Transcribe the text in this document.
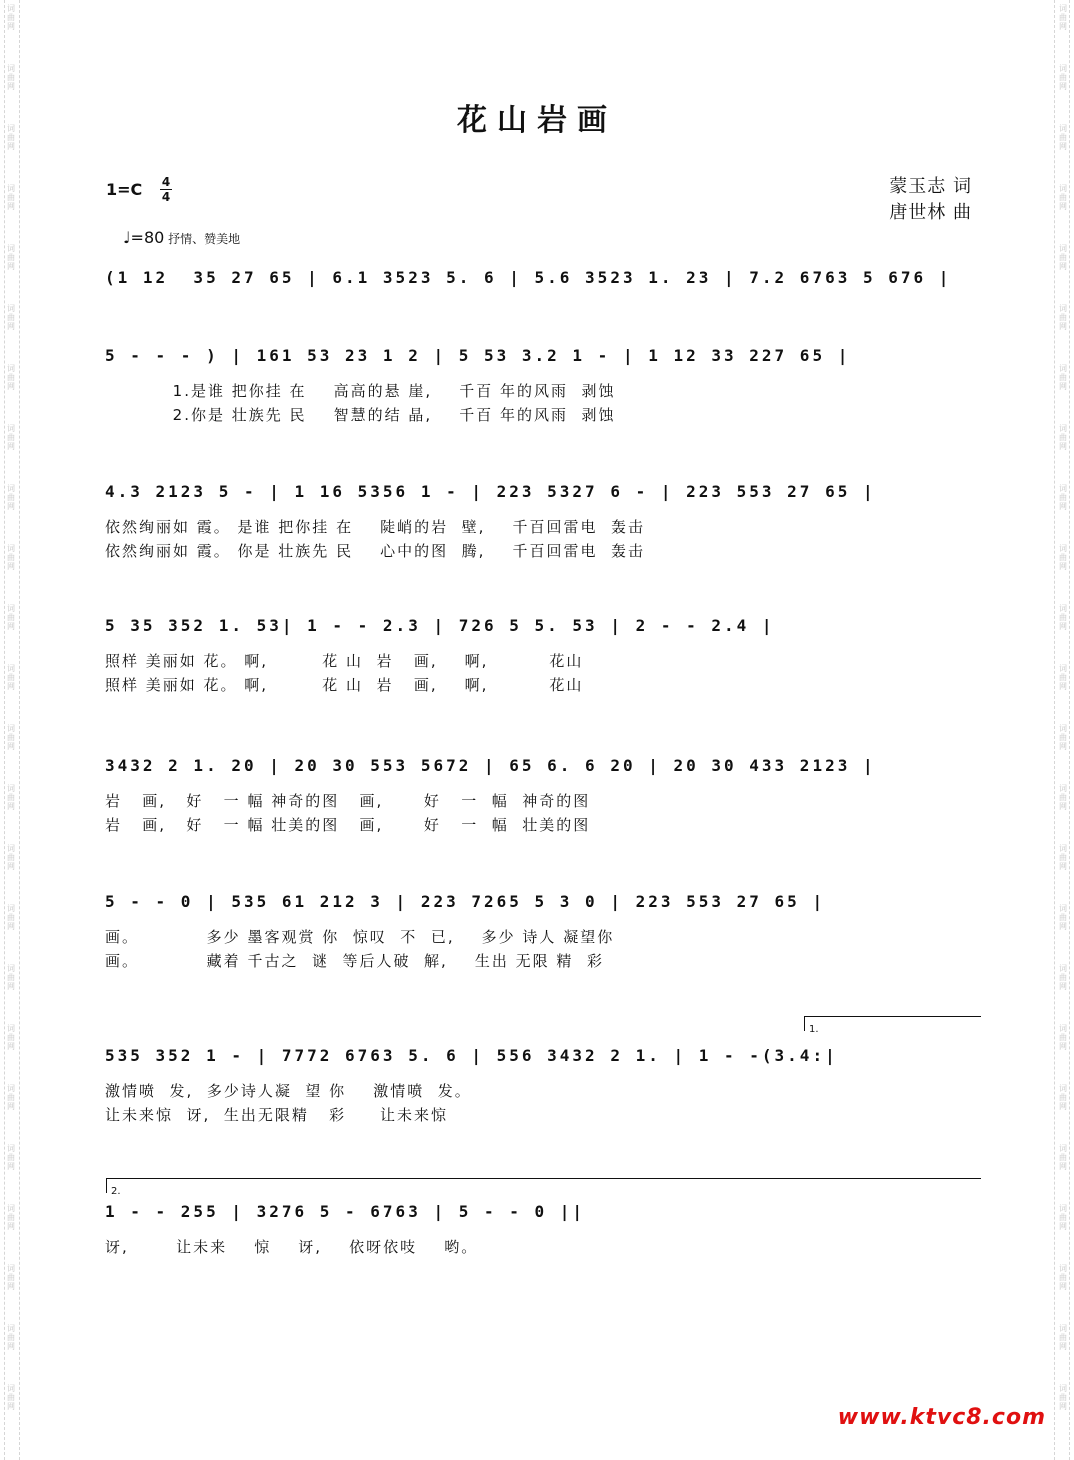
词
曲
网
词
曲
网
词
曲
网
词
曲
网
词
曲
网
词
曲
网
词
曲
网
词
曲
网
词
曲
网
词
曲
网
词
曲
网
词
曲
网
词
曲
网
词
曲
网
词
曲
网
词
曲
网
词
曲
网
词
曲
网
词
曲
网
词
曲
网
词
曲
网
词
曲
网
词
曲
网
词
曲
网
词
曲
网
词
曲
网
词
曲
网
词
曲
网
词
曲
网
词
曲
网
词
曲
网
词
曲
网
词
曲
网
词
曲
网
词
曲
网
词
曲
网
词
曲
网
词
曲
网
词
曲
网
词
曲
网
词
曲
网
词
曲
网
词
曲
网
词
曲
网
词
曲
网
词
曲
网
词
曲
网
词
曲
网
花山岩画
蒙玉志 词
唐世林 曲
1=C 4
4
♩=80 抒情、赞美地
(1 12  35 27 65 | 6.1 3523 5. 6 | 5.6 3523 1. 23 | 7.2 6763 5 676 |
5 - - - ) | 161 53 23 1 2 | 5 53 3.2 1 - | 1 12 33 227 65 |
1.是谁 把你挂 在    高高的悬 崖,    千百 年的风雨  剥蚀
2.你是 壮族先 民    智慧的结 晶,    千百 年的风雨  剥蚀
4.3 2123 5 - | 1 16 5356 1 - | 223 5327 6 - | 223 553 27 65 |
依然绚丽如 霞。 是谁 把你挂 在    陡峭的岩  壁,    千百回雷电  轰击
依然绚丽如 霞。 你是 壮族先 民    心中的图  腾,    千百回雷电  轰击
5 35 352 1. 53| 1 - - 2.3 | 726 5 5. 53 | 2 - - 2.4 |
照样 美丽如 花。 啊,        花 山  岩   画,    啊,         花山
照样 美丽如 花。 啊,        花 山  岩   画,    啊,         花山
3432 2 1. 20 | 20 30 553 5672 | 65 6. 6 20 | 20 30 433 2123 |
岩   画,   好   一 幅 神奇的图   画,      好   一  幅  神奇的图
岩   画,   好   一 幅 壮美的图   画,      好   一  幅  壮美的图
5 - - 0 | 535 61 212 3 | 223 7265 5 3 0 | 223 553 27 65 |
画。          多少 墨客观赏 你  惊叹  不  已,    多少 诗人 凝望你
画。          藏着 千古之  谜  等后人破  解,    生出 无限 精  彩
1.
535 352 1 - | 7772 6763 5. 6 | 556 3432 2 1. | 1 - -(3.4:|
激情喷  发,  多少诗人凝  望 你    激情喷  发。
让未来惊  讶,  生出无限精   彩     让未来惊
2.
1 - - 255 | 3276 5 - 6763 | 5 - - 0 ||
讶,       让未来    惊    讶,    依呀依吱    哟。
www.ktvc8.com
